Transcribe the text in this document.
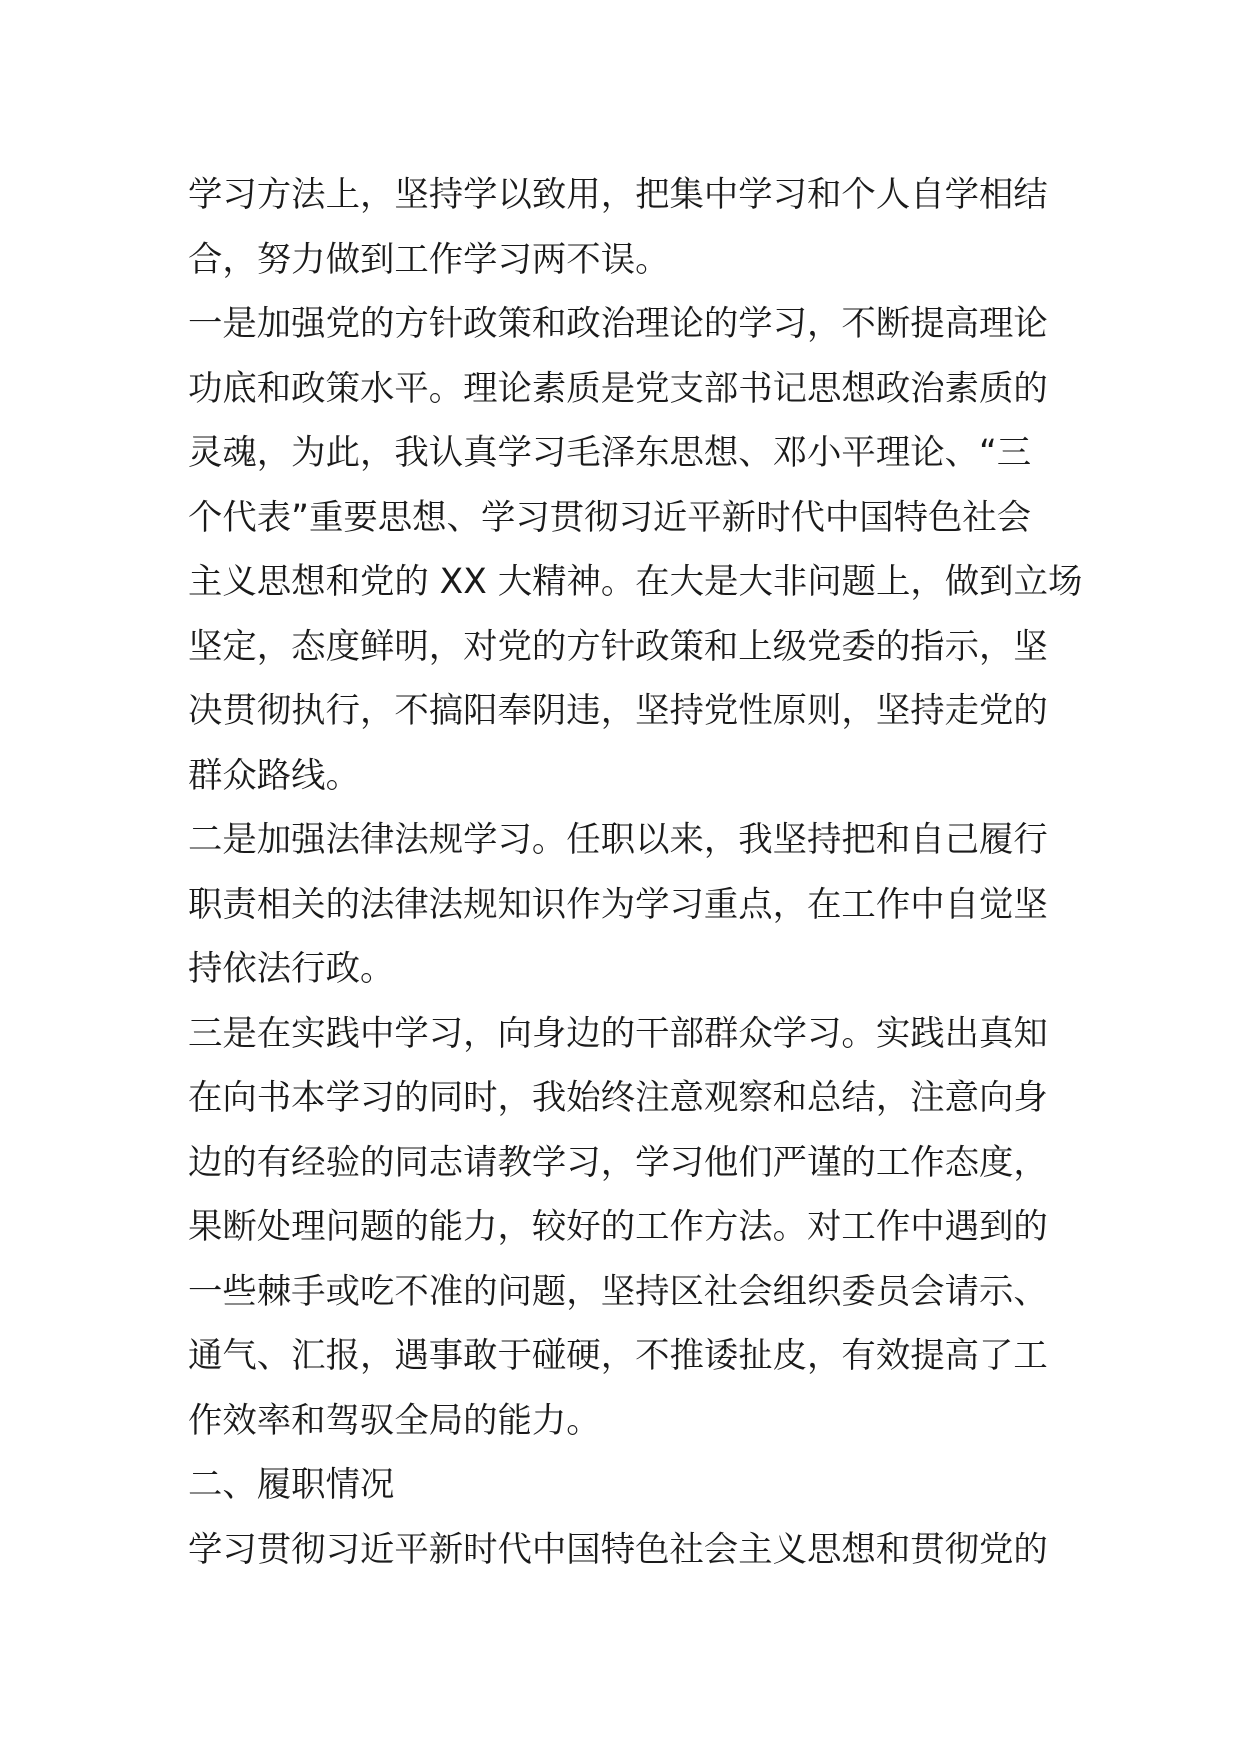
学习方法上，坚持学以致用，把集中学习和个人自学相结
合，努力做到工作学习两不误。
一是加强党的方针政策和政治理论的学习，不断提高理论
功底和政策水平。理论素质是党支部书记思想政治素质的
灵魂，为此，我认真学习毛泽东思想、邓小平理论、“三
个代表”重要思想、学习贯彻习近平新时代中国特色社会
主义思想和党的 XX 大精神。在大是大非问题上，做到立场
坚定，态度鲜明，对党的方针政策和上级党委的指示，坚
决贯彻执行，不搞阳奉阴违，坚持党性原则，坚持走党的
群众路线。
二是加强法律法规学习。任职以来，我坚持把和自己履行
职责相关的法律法规知识作为学习重点，在工作中自觉坚
持依法行政。
三是在实践中学习，向身边的干部群众学习。实践出真知
在向书本学习的同时，我始终注意观察和总结，注意向身
边的有经验的同志请教学习，学习他们严谨的工作态度，
果断处理问题的能力，较好的工作方法。对工作中遇到的
一些棘手或吃不准的问题，坚持区社会组织委员会请示、
通气、汇报，遇事敢于碰硬，不推诿扯皮，有效提高了工
作效率和驾驭全局的能力。
二、履职情况
学习贯彻习近平新时代中国特色社会主义思想和贯彻党的
